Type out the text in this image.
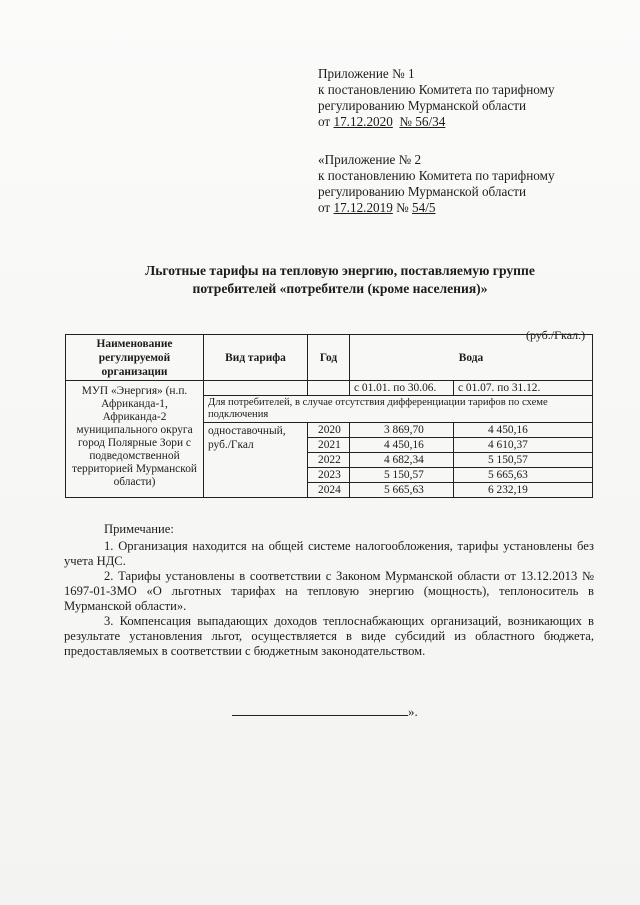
Приложение № 1
к постановлению Комитета по тарифному
регулированию Мурманской области
от 17.12.2020 № 56/34
«Приложение № 2
к постановлению Комитета по тарифному
регулированию Мурманской области
от 17.12.2019 № 54/5
Льготные тарифы на тепловую энергию, поставляемую группе
потребителей «потребители (кроме населения)»
(руб./Гкал.)
Наименование регулируемой организации	Вид тарифа	Год	Вода	
МУП «Энергия» (н.п. Африканда-1, Африканда-2 муниципального округа город Полярные Зори с подведомственной территорией Мурманской области)			с 01.01. по 30.06.	с 01.07. по 31.12.
	Для потребителей, в случае отсутствия дифференциации тарифов по схеме подключения			
	одноставочный, руб./Гкал	2020	3 869,70	4 450,16
		2021	4 450,16	4 610,37
		2022	4 682,34	5 150,57
		2023	5 150,57	5 665,63
		2024	5 665,63	6 232,19

Примечание:

1. Организация находится на общей системе налогообложения, тарифы установлены без учета НДС.

2. Тарифы установлены в соответствии с Законом Мурманской области от 13.12.2013 № 1697-01-ЗМО «О льготных тарифах на тепловую энергию (мощность), теплоноситель в Мурманской области».

3. Компенсация выпадающих доходов теплоснабжающих организаций, возникающих в результате установления льгот, осуществляется в виде субсидий из областного бюджета, предоставляемых в соответствии с бюджетным законодательством.

».
